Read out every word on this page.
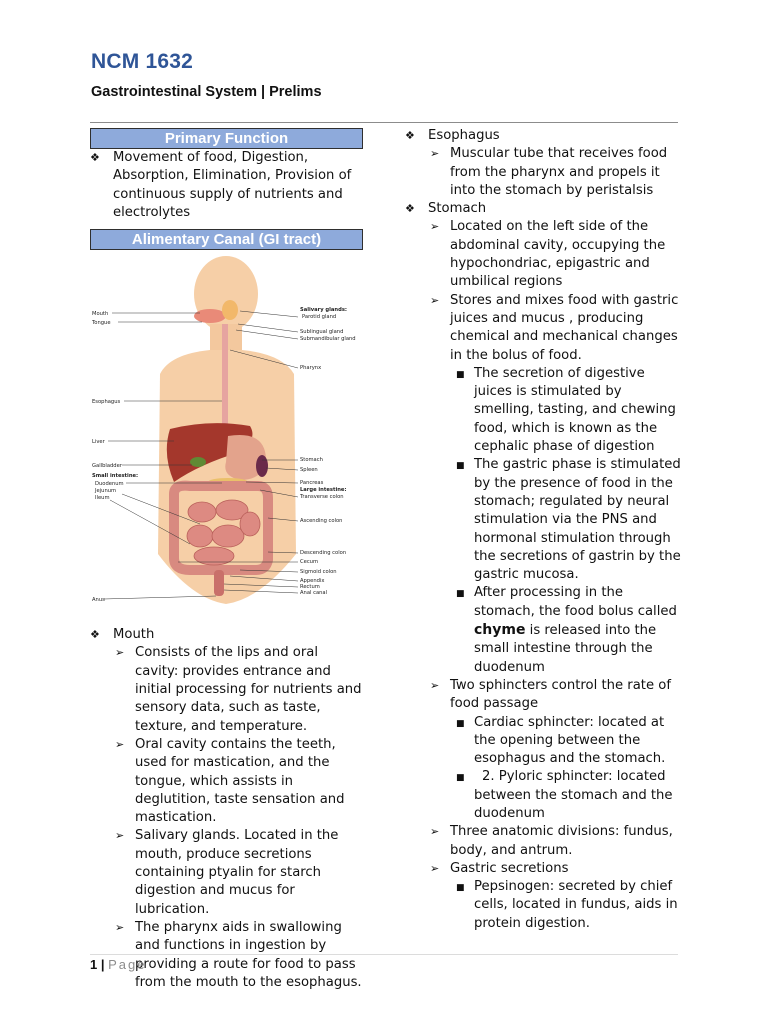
NCM 1632
Gastrointestinal System | Prelims
Primary Function
❖ Movement of food, Digestion, Absorption, Elimination, Provision of continuous supply of nutrients and electrolytes
Alimentary Canal (GI tract)
Mouth
Tongue
Esophagus
Liver
Gallbladder
Small intestine:
Duodenum
Jejunum
Ileum
Anus
Salivary glands:
Parotid gland
Sublingual gland
Submandibular gland
Pharynx
Stomach
Spleen
Pancreas
Large intestine:
Transverse colon
Ascending colon
Descending colon
Cecum
Sigmoid colon
Appendix
Rectum
Anal canal
❖ Mouth
➢ Consists of the lips and oral cavity: provides entrance and initial processing for nutrients and sensory data, such as taste, texture, and temperature.
➢ Oral cavity contains the teeth, used for mastication, and the tongue, which assists in deglutition, taste sensation and mastication.
➢ Salivary glands. Located in the mouth, produce secretions containing ptyalin for starch digestion and mucus for lubrication.
➢ The pharynx aids in swallowing and functions in ingestion by providing a route for food to pass from the mouth to the esophagus.
❖ Esophagus
➢ Muscular tube that receives food from the pharynx and propels it into the stomach by peristalsis
❖ Stomach
➢ Located on the left side of the abdominal cavity, occupying the hypochondriac, epigastric and umbilical regions
➢ Stores and mixes food with gastric juices and mucus , producing chemical and mechanical changes in the bolus of food.
■ The secretion of digestive juices is stimulated by smelling, tasting, and chewing food, which is known as the cephalic phase of digestion
■ The gastric phase is stimulated by the presence of food in the stomach; regulated by neural stimulation via the PNS and hormonal stimulation through the secretions of gastrin by the gastric mucosa.
■ After processing in the stomach, the food bolus called chyme is released into the small intestine through the duodenum
➢ Two sphincters control the rate of food passage
■ Cardiac sphincter: located at the opening between the esophagus and the stomach.
■ 2. Pyloric sphincter: located between the stomach and the duodenum
➢ Three anatomic divisions: fundus, body, and antrum.
➢ Gastric secretions
■ Pepsinogen: secreted by chief cells, located in fundus, aids in protein digestion.
1 | Page
